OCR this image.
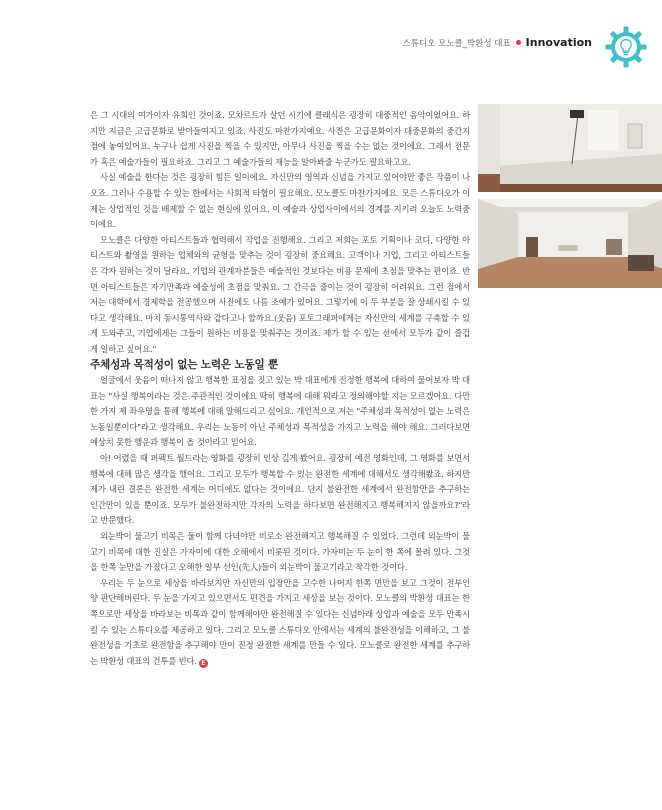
스튜디오 모노클_박환성 대표 Innovation

은 그 시대의 여가이자 유희인 것이죠. 모차르트가 살던 시기에 클래식은 굉장히 대중적인 음악이었어요. 하지만 지금은 고급문화로 받아들여지고 있죠. 사진도 마찬가지예요. 사진은 고급문화이자 대중문화의 중간지점에 놓여있어요. 누구나 쉽게 사진을 찍을 수 있지만, 아무나 사진을 찍을 수는 없는 것이에요. 그래서 전문가 혹은 예술가들이 필요하죠. 그리고 그 예술가들의 재능을 알아봐줄 누군가도 필요하고요.

사실 예술을 한다는 것은 굉장히 힘든 일이에요. 자신만의 영역과 신념을 가지고 있어야만 좋은 작품이 나오죠. 그러나 수용할 수 있는 한에서는 사회적 타협이 필요해요. 모노클도 마찬가지에요. 모든 스튜디오가 이제는 상업적인 것을 배제할 수 없는 현실에 있어요. 이 예술과 상업사이에서의 경계를 지키려 오늘도 노력중이에요.

모노클은 다양한 아티스트들과 협력해서 작업을 진행해요. 그리고 저희는 포토 기획이나 코디, 다양한 아티스트와 촬영을 원하는 업체와의 균형을 맞추는 것이 굉장히 중요해요. 고객이나 기업, 그리고 아티스트들은 각자 원하는 것이 달라요. 기업의 관계자분들은 예술적인 것보다는 비용 문제에 초점을 맞추는 편이죠. 반면 아티스트들은 자기만족과 예술성에 초점을 맞춰요. 그 간극을 줄이는 것이 굉장히 어려워요. 그런 점에서 저는 대학에서 경제학을 전공했으며 사진에도 나름 조예가 있어요. 그렇기에 이 두 부분을 잘 상쇄시킬 수 있다고 생각해요. 마치 동시통역사와 같다고나 할까요.(웃음) 포토그래퍼에게는 자신만의 세계를 구축할 수 있게 도와주고, 기업에게는 그들이 원하는 비용을 맞춰주는 것이죠. 제가 할 수 있는 선에서 모두가 같이 즐겁게 일하고 싶어요."

주체성과 목적성이 없는 노력은 노동일 뿐

얼굴에서 웃음이 떠나지 않고 행복한 표정을 짓고 있는 박 대표에게 진정한 행복에 대하여 물어보자 박 대표는 "사실 행복이라는 것은 주관적인 것이에요 딱히 행복에 대해 뭐라고 정의해야할 지는 모르겠어요. 다만 한 가지 제 좌우명을 통해 행복에 대해 말해드리고 싶어요. 개인적으로 저는 "주체성과 목적성이 없는 노력은 노동일뿐이다"라고 생각해요. 우리는 노동이 아닌 주체성과 목적성을 가지고 노력을 해야 해요. 그러다보면 예상치 못한 행운과 행복이 올 것이라고 믿어요.

아! 어렸을 때 퍼펙트 월드라는 영화를 굉장히 인상 깊게 봤어요. 굉장히 예전 영화인데, 그 영화를 보면서 행복에 대해 많은 생각을 했어요. 그리고 모두가 행복할 수 있는 완전한 세계에 대해서도 생각해봤죠. 하지만 제가 내린 결론은 완전한 세계는 어디에도 없다는 것이에요. 단지 불완전한 세계에서 완전함만을 추구하는 인간만이 있을 뿐이죠. 모두가 불완전하지만 각자의 노력을 하다보면 완전해지고 행복해지지 않을까요?"라고 반문했다.

외눈박이 물고기 비목은 둘이 함께 다녀야만 비로소 완전해지고 행복해질 수 있었다. 그런데 외눈박이 물고기 비목에 대한 진실은 가자미에 대한 오해에서 비롯된 것이다. 가자미는 두 눈이 한 쪽에 몰려 있다. 그것을 한쪽 눈만을 가졌다고 오해한 일부 선인(先人)들이 외눈박이 물고기라고 착각한 것이다.

우리는 두 눈으로 세상을 바라보지만 자신만의 입장만을 고수한 나머지 한쪽 면만을 보고 그것이 전부인양 판단해버린다. 두 눈을 가지고 있으면서도 편견을 가지고 세상을 보는 것이다. 모노클의 박환성 대표는 한쪽으로만 세상을 바라보는 비목과 같이 함께해야만 완전해질 수 있다는 신념아래 상업과 예술을 모두 만족시킬 수 있는 스튜디오를 제공하고 있다. 그리고 모노클 스튜디오 안에서는 세계의 불완전성을 이해하고, 그 불완전성을 기초로 완전함을 추구해야 만이 진정 완전한 세계를 만들 수 있다. 모노클로 완전한 세계를 추구하는 박환성 대표의 건투를 빈다. E
